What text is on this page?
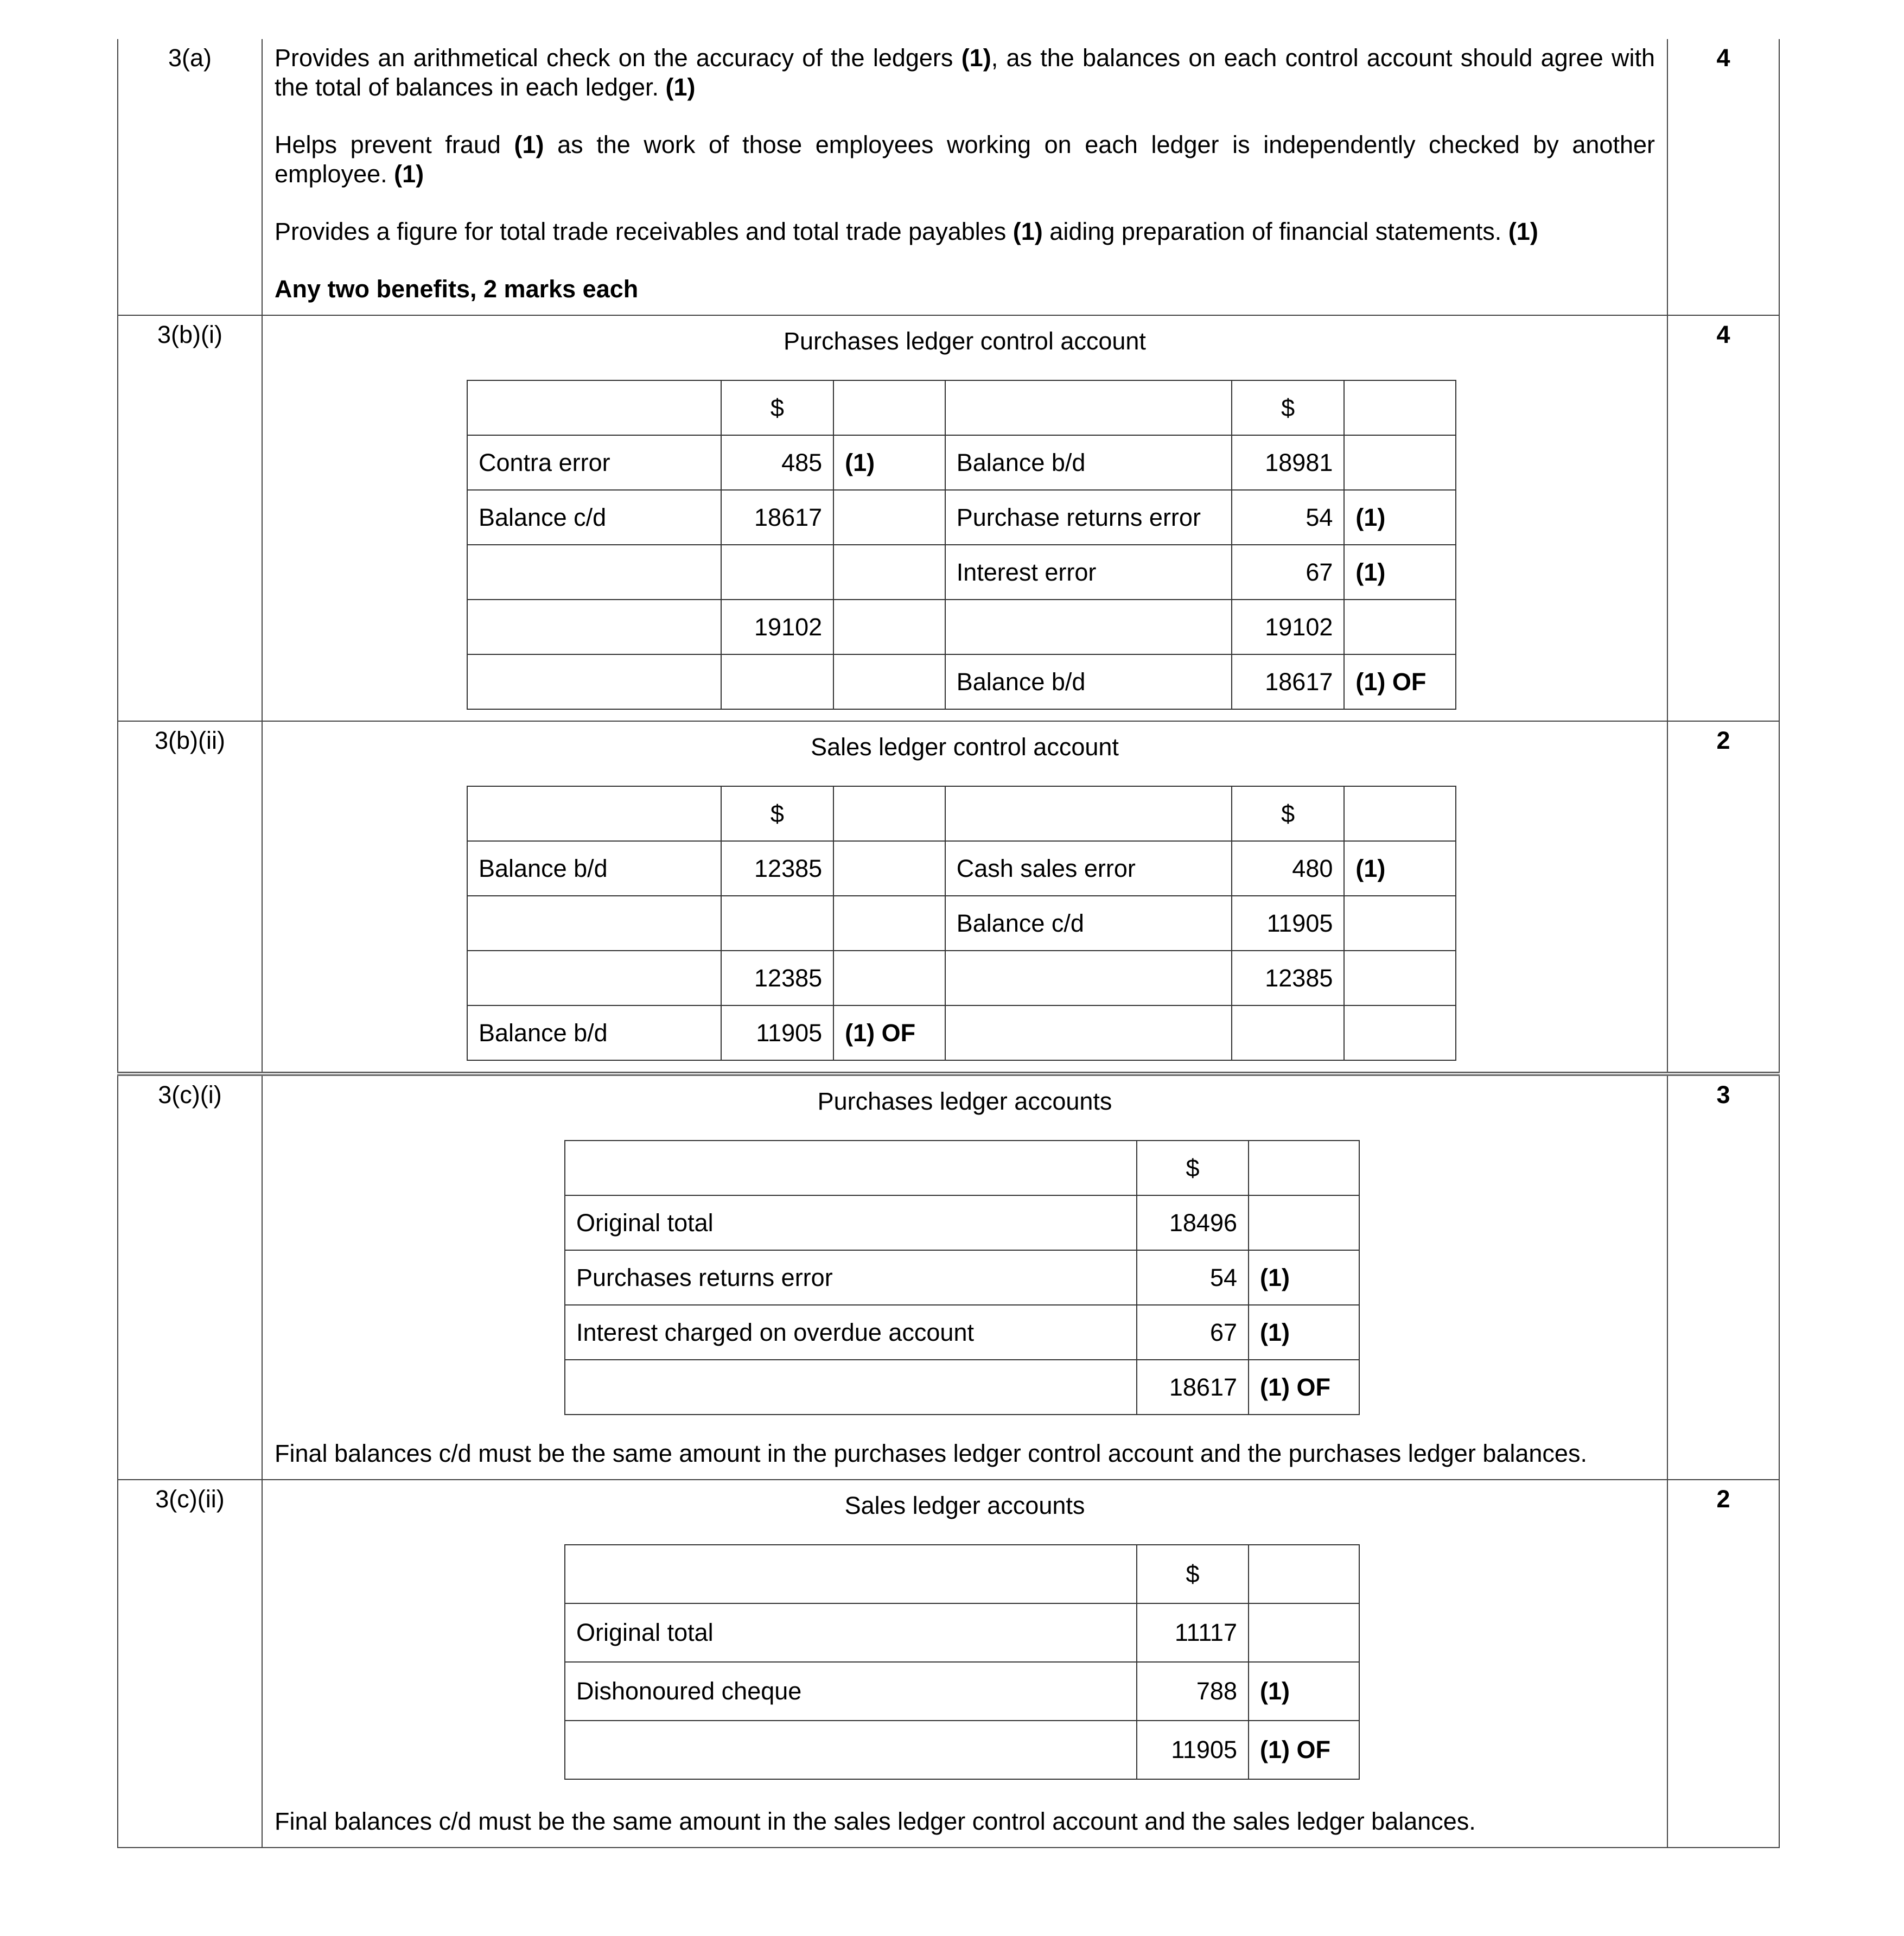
3(a)	Provides an arithmetical check on the accuracy of the ledgers (1), as the balances on each control account should agree with the total of balances in each ledger. (1)

Helps prevent fraud (1) as the work of those employees working on each ledger is independently checked by another employee. (1)

Provides a figure for total trade receivables and total trade payables (1) aiding preparation of financial statements. (1)

Any two benefits, 2 marks each

	4
3(b)(i)	Purchases ledger control account
	$			$	
Contra error	485	(1)	Balance b/d	18981	
Balance c/d	18617		Purchase returns error	54	(1)
			Interest error	67	(1)
	19102			19102	
			Balance b/d	18617	(1) OF
	4
3(b)(ii)	Sales ledger control account
	$			$	
Balance b/d	12385		Cash sales error	480	(1)
			Balance c/d	11905	
	12385			12385	
Balance b/d	11905	(1) OF			
	2
3(c)(i)	Purchases ledger accounts
	$	
Original total	18496	
Purchases returns error	54	(1)
Interest charged on overdue account	67	(1)
	18617	(1) OF
Final balances c/d must be the same amount in the purchases ledger control account and the purchases ledger balances.
	3
3(c)(ii)	Sales ledger accounts
	$	
Original total	11117	
Dishonoured cheque	788	(1)
	11905	(1) OF
Final balances c/d must be the same amount in the sales ledger control account and the sales ledger balances.
	2
